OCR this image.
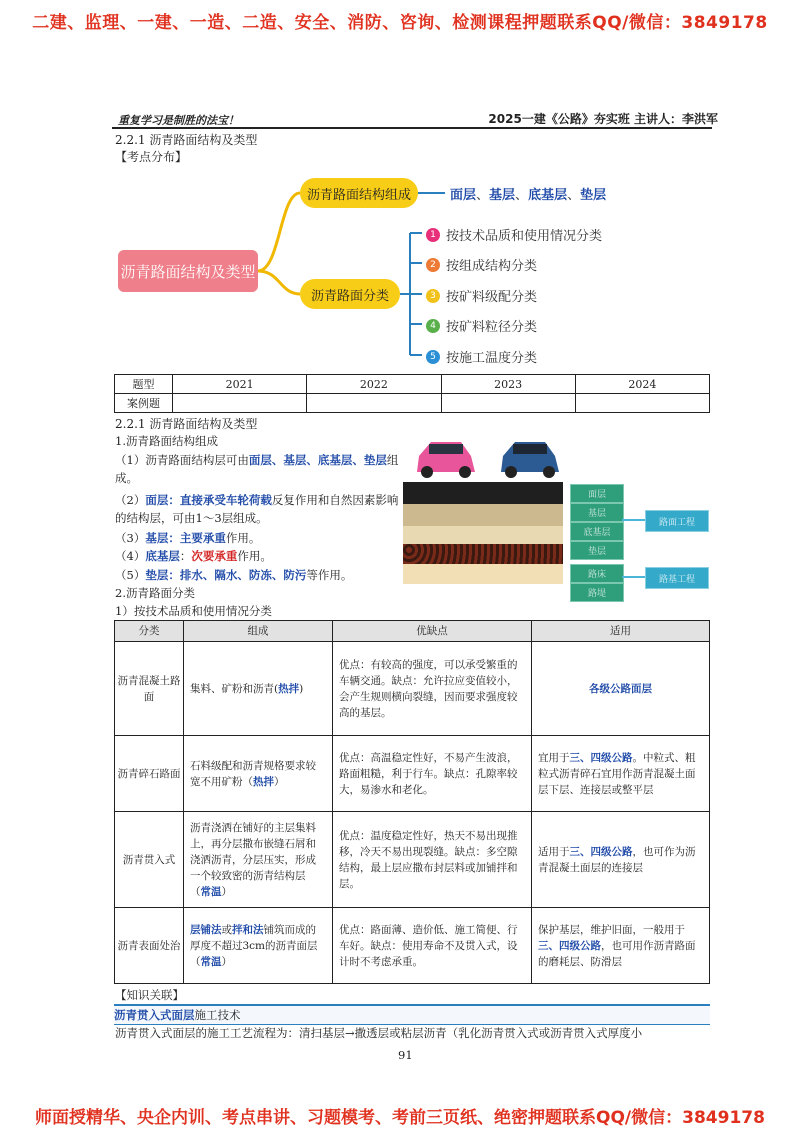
二建、监理、一建、一造、二造、安全、消防、咨询、检测课程押题联系QQ/微信：3849178
重复学习是制胜的法宝！	2025一建《公路》夯实班 主讲人：李洪军
2.2.1 沥青路面结构及类型
【考点分布】
沥青路面结构及类型
沥青路面结构组成	面层 、 基层 、 底基层 、 垫层
沥青路面分类
1 按技术品质和使用情况 分类
2 按组成结构 分类
3 按矿料级配 分类
4 按矿料粒径 分类
5 按施工温度 分类
题型	2021	2022	2023	2024
案例题				
2.2.1 沥青路面结构及类型
1.沥青路面结构组成
（1）沥青路面结构层可由面层、基层、底基层、垫层组成。
（2）面层：直接承受车轮荷载反复作用和自然因素影响的结构层，可由1～3层组成。
（3）基层：主要承重作用。
（4）底基层：次要承重作用。
（5）垫层：排水、隔水、防冻、防污等作用。
2.沥青路面分类
1）按技术品质和使用情况分类
面层
基层
底基层
垫层
路床
路堤
路面工程
路基工程
分类	组成	优缺点	适用
沥青混凝土路面	集料、矿粉和沥青(热拌)	优点：有较高的强度，可以承受繁重的车辆交通。缺点：允许拉应变值较小，会产生规则横向裂缝，因而要求强度较高的基层。	各级公路面层
沥青碎石路面	石料级配和沥青规格要求较宽不用矿粉（热拌）	优点：高温稳定性好，不易产生波浪，路面粗糙，利于行车。缺点：孔隙率较大，易渗水和老化。	宜用于三、四级公路。中粒式、粗粒式沥青碎石宜用作沥青混凝土面层下层、连接层或整平层
沥青贯入式	沥青浇洒在铺好的主层集料上，再分层撒布嵌缝石屑和浇洒沥青，分层压实，形成一个较致密的沥青结构层（常温）	优点：温度稳定性好，热天不易出现推移，冷天不易出现裂缝。缺点：多空隙结构，最上层应撒布封层料或加铺拌和层。	适用于三、四级公路，也可作为沥青混凝土面层的连接层
沥青表面处治	层铺法或拌和法铺筑而成的厚度不超过3cm的沥青面层（常温）	优点：路面薄、造价低、施工简便、行车好。缺点：使用寿命不及贯入式，设计时不考虑承重。	保护基层，维护旧面，一般用于三、四级公路，也可用作沥青路面的磨耗层、防滑层
【知识关联】
沥青贯入式面层施工技术
沥青贯入式面层的施工工艺流程为：清扫基层→撒透层或粘层沥青（乳化沥青贯入式或沥青贯入式厚度小
91
师面授精华、央企内训、考点串讲、习题模考、考前三页纸、绝密押题联系QQ/微信：3849178
